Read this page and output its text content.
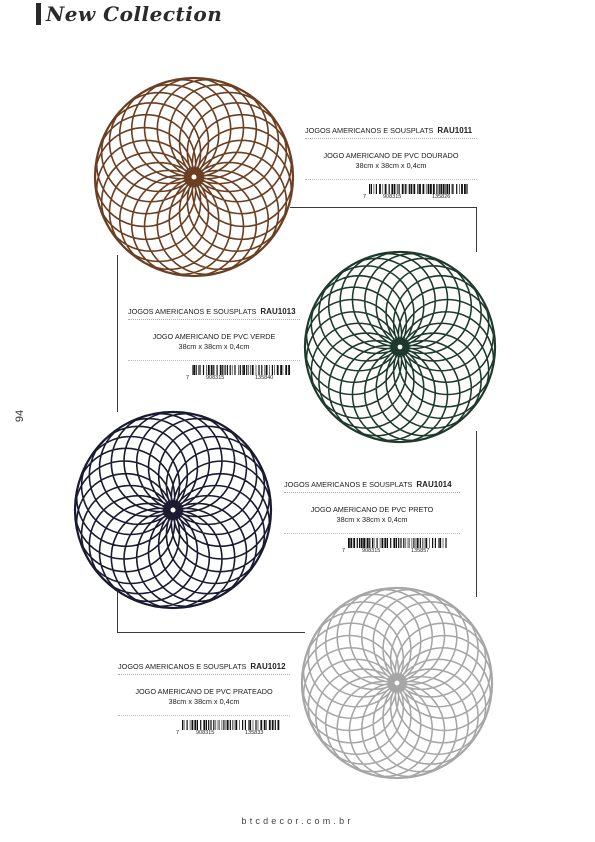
New Collection
94
JOGOS AMERICANOS E SOUSPLATS RAU1011
JOGO AMERICANO DE PVC DOURADO
38cm x 38cm x 0,4cm
7	908315	135826
JOGOS AMERICANOS E SOUSPLATS RAU1013
JOGO AMERICANO DE PVC VERDE
38cm x 38cm x 0,4cm
7	908315	135840
JOGOS AMERICANOS E SOUSPLATS RAU1014
JOGO AMERICANO DE PVC PRETO
38cm x 38cm x 0,4cm
7	908315	135857
JOGOS AMERICANOS E SOUSPLATS RAU1012
JOGO AMERICANO DE PVC PRATEADO
38cm x 38cm x 0,4cm
7	908315	135833
btcdecor.com.br
